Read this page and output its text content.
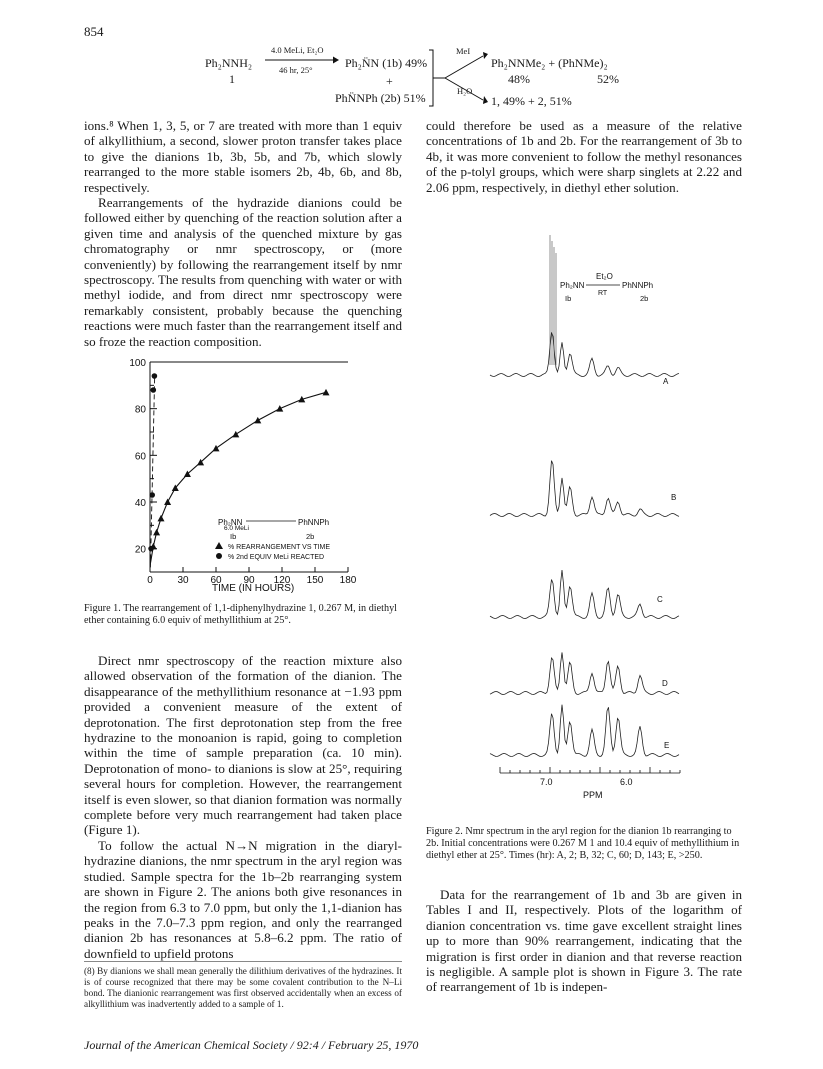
854
Ph₂NNH₂
1
4.0 MeLi, Et₂O
46 hr, 25°	Ph₂N̈N (1b) 49%
+
PhN̈NPh (2b) 51%
MeI
Ph₂NNMe₂ + (PhNMe)₂
48%	52%
H₂O
1, 49% + 2, 51%

ions.⁸ When 1, 3, 5, or 7 are treated with more than 1 equiv of alkyllithium, a second, slower proton transfer takes place to give the dianions 1b, 3b, 5b, and 7b, which slowly rearranged to the more stable isomers 2b, 4b, 6b, and 8b, respectively.

Rearrangements of the hydrazide dianions could be followed either by quenching of the reaction solution after a given time and analysis of the quenched mixture by gas chromatography or nmr spectroscopy, or (more conveniently) by following the rearrangement itself by nmr spectroscopy. The results from quenching with water or with methyl iodide, and from direct nmr spectroscopy were remarkably consistent, probably because the quenching reactions were much faster than the rearrangement itself and so froze the reaction composition.

20
40
60
80
100
0 30 60 90 120 150 180
Ph₂NN
6.0 MeLi
PhNNPh
Ib	2b
% REARRANGEMENT VS TIME
% 2nd EQUIV MeLi REACTED
TIME (IN HOURS)
Figure 1. The rearrangement of 1,1-diphenylhydrazine 1, 0.267 M, in diethyl ether containing 6.0 equiv of methyllithium at 25°.

Direct nmr spectroscopy of the reaction mixture also allowed observation of the formation of the dianion. The disappearance of the methyllithium resonance at −1.93 ppm provided a convenient measure of the extent of deprotonation. The first deprotonation step from the free hydrazine to the monoanion is rapid, going to completion within the time of sample preparation (ca. 10 min). Deprotonation of mono- to dianions is slow at 25°, requiring several hours for completion. However, the rearrangement itself is even slower, so that dianion formation was normally complete before very much rearrangement had taken place (Figure 1).

To follow the actual N→N migration in the diaryl-hydrazine dianions, the nmr spectrum in the aryl region was studied. Sample spectra for the 1b–2b rearranging system are shown in Figure 2. The anions both give resonances in the region from 6.3 to 7.0 ppm, but only the 1,1-dianion has peaks in the 7.0–7.3 ppm region, and only the rearranged dianion 2b has resonances at 5.8–6.2 ppm. The ratio of downfield to upfield protons

(8) By dianions we shall mean generally the dilithium derivatives of the hydrazines. It is of course recognized that there may be some covalent contribution to the N–Li bond. The dianionic rearrangement was first observed accidentally when an excess of alkyllithium was inadvertently added to a sample of 1.

could therefore be used as a measure of the relative concentrations of 1b and 2b. For the rearrangement of 3b to 4b, it was more convenient to follow the methyl resonances of the p-tolyl groups, which were sharp singlets at 2.22 and 2.06 ppm, respectively, in diethyl ether solution.

Ph₂NN
Et₂O
RT
PhNNPh
Ib	2b
A
B
C
D
E
7.0	6.0
PPM
Figure 2. Nmr spectrum in the aryl region for the dianion 1b rearranging to 2b. Initial concentrations were 0.267 M 1 and 10.4 equiv of methyllithium in diethyl ether at 25°. Times (hr): A, 2; B, 32; C, 60; D, 143; E, >250.

Data for the rearrangement of 1b and 3b are given in Tables I and II, respectively. Plots of the logarithm of dianion concentration vs. time gave excellent straight lines up to more than 90% rearrangement, indicating that the migration is first order in dianion and that reverse reaction is negligible. A sample plot is shown in Figure 3. The rate of rearrangement of 1b is indepen-

Journal of the American Chemical Society / 92:4 / February 25, 1970
